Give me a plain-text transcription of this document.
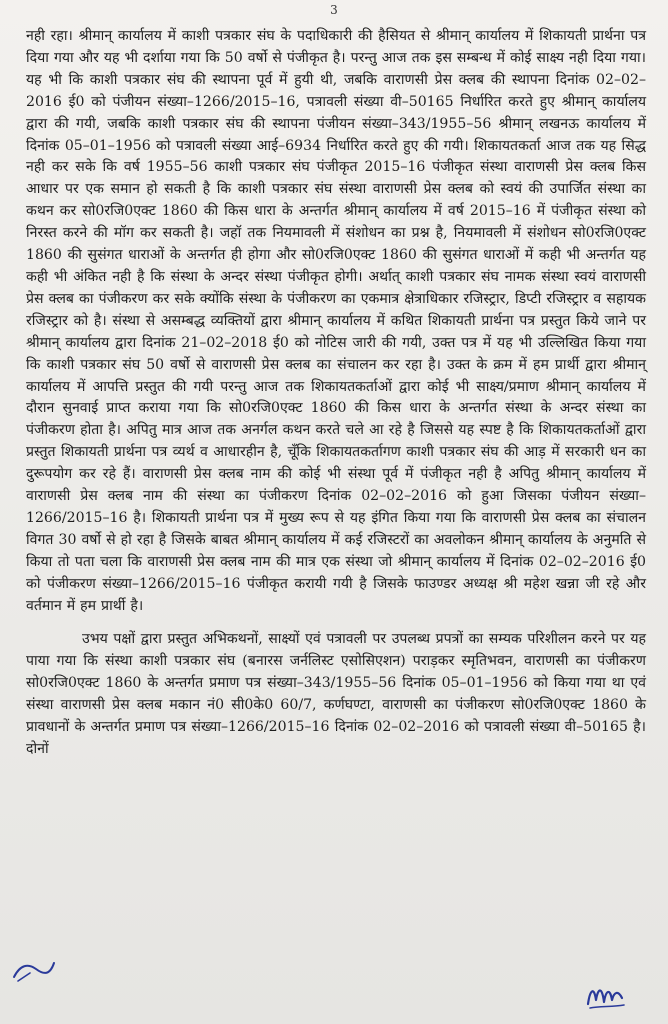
3

नही रहा। श्रीमान् कार्यालय में काशी पत्रकार संघ के पदाधिकारी की हैसियत से श्रीमान् कार्यालय में शिकायती प्रार्थना पत्र दिया गया और यह भी दर्शाया गया कि 50 वर्षो से पंजीकृत है। परन्तु आज तक इस सम्बन्ध में कोई साक्ष्य नही दिया गया। यह भी कि काशी पत्रकार संघ की स्थापना पूर्व में हुयी थी, जबकि वाराणसी प्रेस क्लब की स्थापना दिनांक 02–02–2016 ई0 को पंजीयन संख्या–1266/2015–16, पत्रावली संख्या वी–50165 निर्धारित करते हुए श्रीमान् कार्यालय द्वारा की गयी, जबकि काशी पत्रकार संघ की स्थापना पंजीयन संख्या–343/1955–56 श्रीमान् लखनऊ कार्यालय में दिनांक 05–01–1956 को पत्रावली संख्या आई–6934 निर्धारित करते हुए की गयी। शिकायतकर्ता आज तक यह सिद्ध नही कर सके कि वर्ष 1955–56 काशी पत्रकार संघ पंजीकृत 2015–16 पंजीकृत संस्था वाराणसी प्रेस क्लब किस आधार पर एक समान हो सकती है कि काशी पत्रकार संघ संस्था वाराणसी प्रेस क्लब को स्वयं की उपार्जित संस्था का कथन कर सो0रजि0एक्ट 1860 की किस धारा के अन्तर्गत श्रीमान् कार्यालय में वर्ष 2015–16 में पंजीकृत संस्था को निरस्त करने की मॉग कर सकती है। जहॉ तक नियमावली में संशोधन का प्रश्न है, नियमावली में संशोधन सो0रजि0एक्ट 1860 की सुसंगत धाराओं के अन्तर्गत ही होगा और सो0रजि0एक्ट 1860 की सुसंगत धाराओं में कही भी अन्तर्गत यह कही भी अंकित नही है कि संस्था के अन्दर संस्था पंजीकृत होगी। अर्थात् काशी पत्रकार संघ नामक संस्था स्वयं वाराणसी प्रेस क्लब का पंजीकरण कर सके क्योंकि संस्था के पंजीकरण का एकमात्र क्षेत्राधिकार रजिस्ट्रार, डिप्टी रजिस्ट्रार व सहायक रजिस्ट्रार को है। संस्था से असम्बद्ध व्यक्तियों द्वारा श्रीमान् कार्यालय में कथित शिकायती प्रार्थना पत्र प्रस्तुत किये जाने पर श्रीमान् कार्यालय द्वारा दिनांक 21–02–2018 ई0 को नोटिस जारी की गयी, उक्त पत्र में यह भी उल्लिखित किया गया कि काशी पत्रकार संघ 50 वर्षो से वाराणसी प्रेस क्लब का संचालन कर रहा है। उक्त के क्रम में हम प्रार्थी द्वारा श्रीमान् कार्यालय में आपत्ति प्रस्तुत की गयी परन्तु आज तक शिकायतकर्ताओं द्वारा कोई भी साक्ष्य/प्रमाण श्रीमान् कार्यालय में दौरान सुनवाई प्राप्त कराया गया कि सो0रजि0एक्ट 1860 की किस धारा के अन्तर्गत संस्था के अन्दर संस्था का पंजीकरण होता है। अपितु मात्र आज तक अनर्गल कथन करते चले आ रहे है जिससे यह स्पष्ट है कि शिकायतकर्ताओं द्वारा प्रस्तुत शिकायती प्रार्थना पत्र व्यर्थ व आधारहीन है, चूँकि शिकायतकर्तागण काशी पत्रकार संघ की आड़ में सरकारी धन का दुरूपयोग कर रहे हैं। वाराणसी प्रेस क्लब नाम की कोई भी संस्था पूर्व में पंजीकृत नही है अपितु श्रीमान् कार्यालय में वाराणसी प्रेस क्लब नाम की संस्था का पंजीकरण दिनांक 02–02–2016 को हुआ जिसका पंजीयन संख्या–1266/2015–16 है। शिकायती प्रार्थना पत्र में मुख्य रूप से यह इंगित किया गया कि वाराणसी प्रेस क्लब का संचालन विगत 30 वर्षो से हो रहा है जिसके बाबत श्रीमान् कार्यालय में कई रजिस्टरों का अवलोकन श्रीमान् कार्यालय के अनुमति से किया तो पता चला कि वाराणसी प्रेस क्लब नाम की मात्र एक संस्था जो श्रीमान् कार्यालय में दिनांक 02–02–2016 ई0 को पंजीकरण संख्या–1266/2015–16 पंजीकृत करायी गयी है जिसके फाउण्डर अध्यक्ष श्री महेश खन्ना जी रहे और वर्तमान में हम प्रार्थी है।

उभय पक्षों द्वारा प्रस्तुत अभिकथनों, साक्ष्यों एवं पत्रावली पर उपलब्ध प्रपत्रों का सम्यक परिशीलन करने पर यह पाया गया कि संस्था काशी पत्रकार संघ (बनारस जर्नलिस्ट एसोसिएशन) पराड़कर स्मृतिभवन, वाराणसी का पंजीकरण सो0रजि0एक्ट 1860 के अन्तर्गत प्रमाण पत्र संख्या–343/1955–56 दिनांक 05–01–1956 को किया गया था एवं संस्था वाराणसी प्रेस क्लब मकान नं0 सी0के0 60/7, कर्णघण्टा, वाराणसी का पंजीकरण सो0रजि0एक्ट 1860 के प्रावधानों के अन्तर्गत प्रमाण पत्र संख्या–1266/2015–16 दिनांक 02–02–2016 को पत्रावली संख्या वी–50165 है। दोनों
